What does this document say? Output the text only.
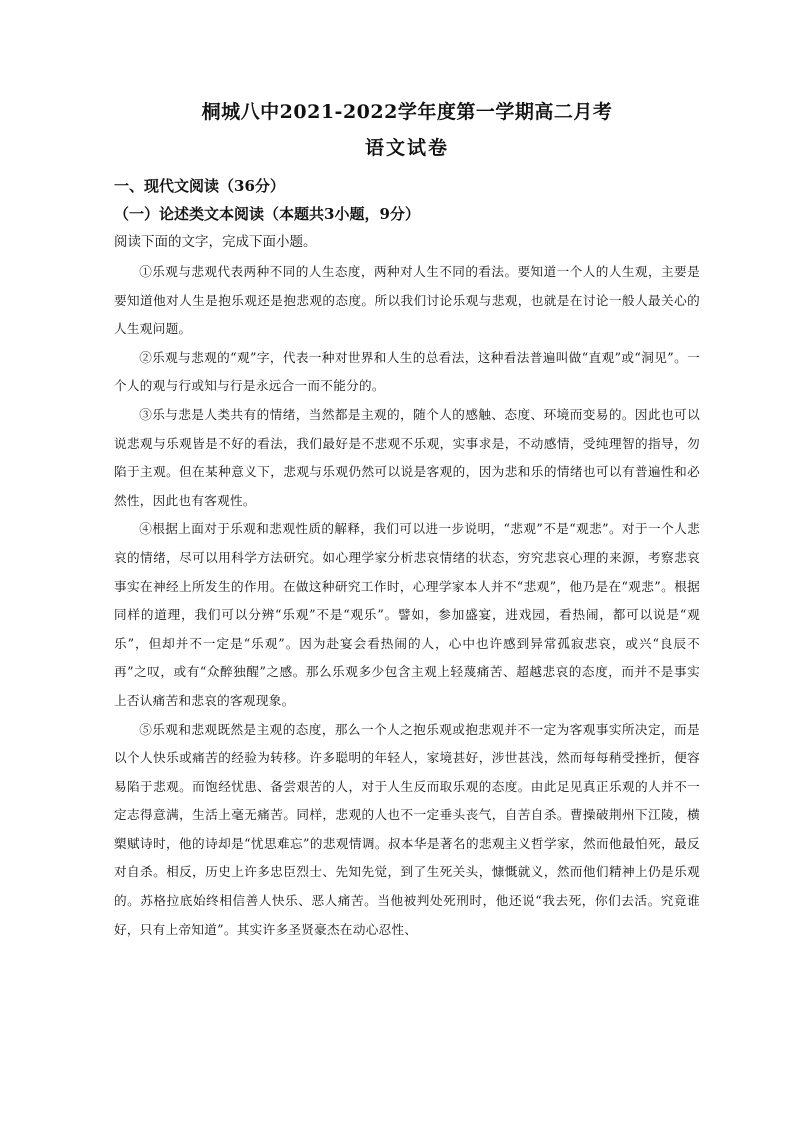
桐城八中2021-2022学年度第一学期高二月考
语文试卷
一、现代文阅读（36分）
（一）论述类文本阅读（本题共3小题，9分）
阅读下面的文字，完成下面小题。

①乐观与悲观代表两种不同的人生态度，两种对人生不同的看法。要知道一个人的人生观，主要是要知道他对人生是抱乐观还是抱悲观的态度。所以我们讨论乐观与悲观，也就是在讨论一般人最关心的人生观问题。

②乐观与悲观的“观”字，代表一种对世界和人生的总看法，这种看法普遍叫做“直观”或“洞见”。一个人的观与行或知与行是永远合一而不能分的。

③乐与悲是人类共有的情绪，当然都是主观的，随个人的感触、态度、环境而变易的。因此也可以说悲观与乐观皆是不好的看法，我们最好是不悲观不乐观，实事求是，不动感情，受纯理智的指导，勿陷于主观。但在某种意义下，悲观与乐观仍然可以说是客观的，因为悲和乐的情绪也可以有普遍性和必然性，因此也有客观性。

④根据上面对于乐观和悲观性质的解释，我们可以进一步说明，“悲观”不是“观悲”。对于一个人悲哀的情绪，尽可以用科学方法研究。如心理学家分析悲哀情绪的状态，穷究悲哀心理的来源，考察悲哀事实在神经上所发生的作用。在做这种研究工作时，心理学家本人并不“悲观”，他乃是在“观悲”。根据同样的道理，我们可以分辨“乐观”不是“观乐”。譬如，参加盛宴，进戏园，看热闹，都可以说是“观乐”，但却并不一定是“乐观”。因为赴宴会看热闹的人，心中也许感到异常孤寂悲哀，或兴“良辰不再”之叹，或有“众醉独醒”之感。那么乐观多少包含主观上轻蔑痛苦、超越悲哀的态度，而并不是事实上否认痛苦和悲哀的客观现象。

⑤乐观和悲观既然是主观的态度，那么一个人之抱乐观或抱悲观并不一定为客观事实所决定，而是以个人快乐或痛苦的经验为转移。许多聪明的年轻人，家境甚好，涉世甚浅，然而每每稍受挫折，便容易陷于悲观。而饱经忧患、备尝艰苦的人，对于人生反而取乐观的态度。由此足见真正乐观的人并不一定志得意满，生活上毫无痛苦。同样，悲观的人也不一定垂头丧气，自苦自杀。曹操破荆州下江陵，横槊赋诗时，他的诗却是“忧思难忘”的悲观情调。叔本华是著名的悲观主义哲学家，然而他最怕死，最反对自杀。相反，历史上许多忠臣烈士、先知先觉，到了生死关头，慷慨就义，然而他们精神上仍是乐观的。苏格拉底始终相信善人快乐、恶人痛苦。当他被判处死刑时，他还说“我去死，你们去活。究竟谁好，只有上帝知道”。其实许多圣贤豪杰在动心忍性、
